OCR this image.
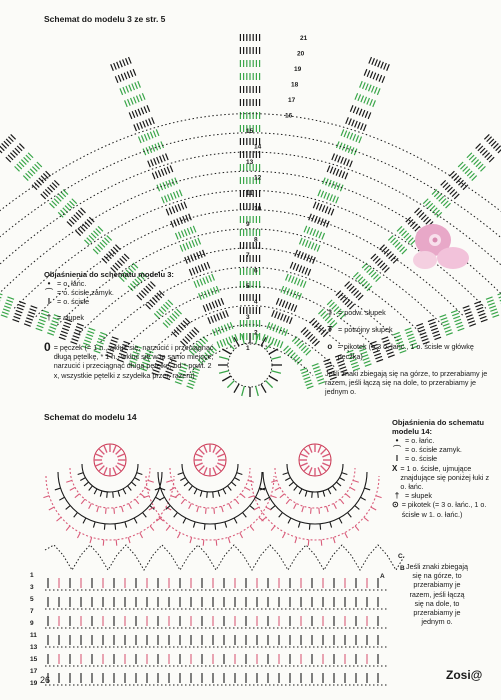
Schemat do modelu 3 ze str. 5
21
20
19
18
17
16
15
14
13
12
11
10
9
8
7
6
5
4
3
2
1
Objaśnienia do schematu modelu 3:
• = o. łańc.
⌒ = o. ścisłe zamyk.
I = o. ścisłe
† = słupek
0 = pęczek (= 1 n., wkłuć się, narzucić i przeciągnąć długą pętelkę, * 1 n., wkłuć się w to samo miejsce, narzucić i przeciągnąć długą pętelkę, od * powt. 2 x, wszystkie pętelki z szydełka przer. razem)
‡ = podw. słupek
₮ = potrójny słupek
ο = pikotek (= 3 o. łańc., 1 o. ścisłe w główkę pęczka)
Jeśli znaki zbiegają się na górze, to przerabiamy je razem, jeśli łączą się na dole, to przerabiamy je jednym o.
Schemat do modelu 14
C
B
A
19
17
15
13
11
9
7
5
3
1
Objaśnienia do schematu modelu 14:
• = o. łańc.
⌒ = o. ścisłe zamyk.
I = o. ścisłe
X = 1 o. ścisłe, ujmujące znajdujące się poniżej łuki z o. łańc.
† = słupek
⊙ = pikotek (= 3 o. łańc., 1 o. ścisłe w 1. o. łańc.)
Jeśli znaki zbiegają się na górze, to przerabiamy je razem, jeśli łączą się na dole, to przerabiamy je jednym o.
26	Zosi@
